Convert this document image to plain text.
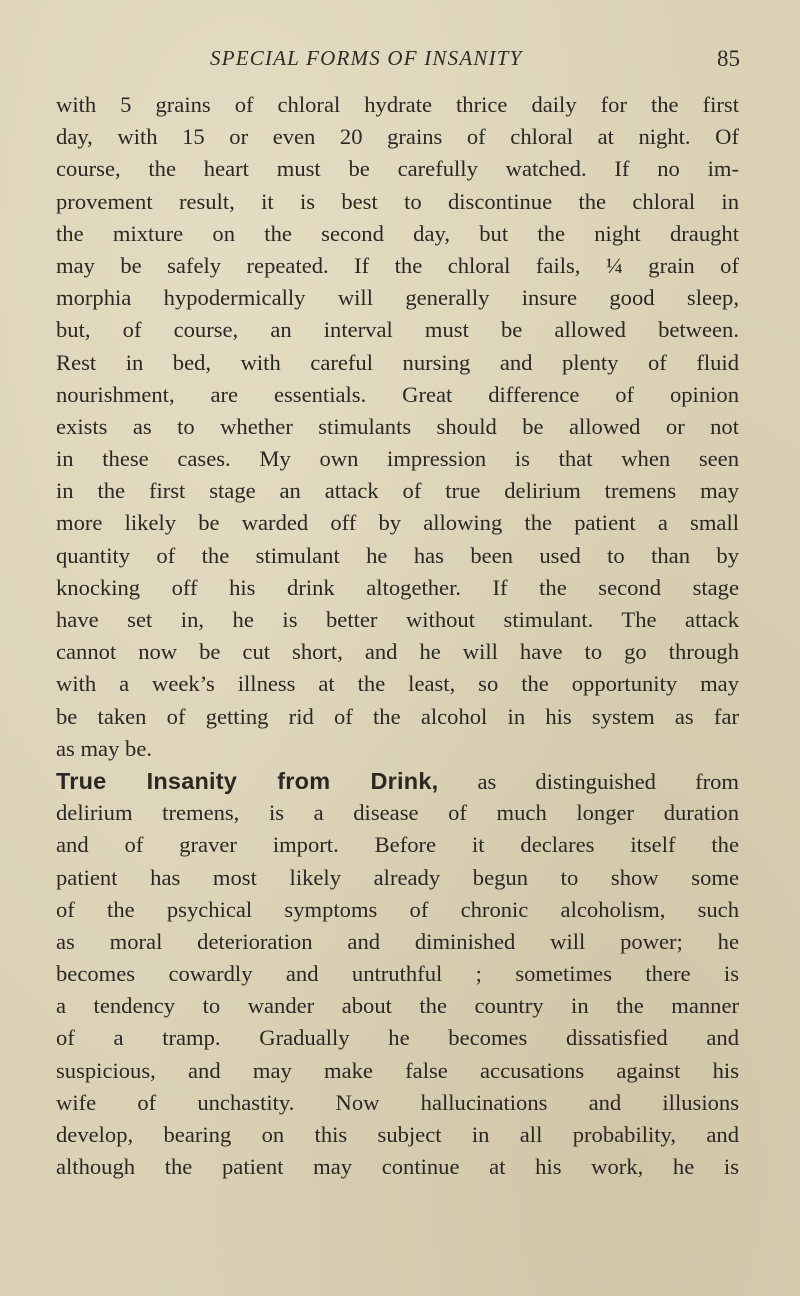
SPECIAL FORMS OF INSANITY	85
with 5 grains of chloral hydrate thrice daily for the first
day, with 15 or even 20 grains of chloral at night. Of
course, the heart must be carefully watched. If no im-
provement result, it is best to discontinue the chloral in
the mixture on the second day, but the night draught
may be safely repeated. If the chloral fails, ¼ grain of
morphia hypodermically will generally insure good sleep,
but, of course, an interval must be allowed between.
Rest in bed, with careful nursing and plenty of fluid
nourishment, are essentials. Great difference of opinion
exists as to whether stimulants should be allowed or not
in these cases. My own impression is that when seen
in the first stage an attack of true delirium tremens may
more likely be warded off by allowing the patient a small
quantity of the stimulant he has been used to than by
knocking off his drink altogether. If the second stage
have set in, he is better without stimulant. The attack
cannot now be cut short, and he will have to go through
with a week’s illness at the least, so the opportunity may
be taken of getting rid of the alcohol in his system as far
as may be.
True Insanity from Drink, as distinguished from
delirium tremens, is a disease of much longer duration
and of graver import. Before it declares itself the
patient has most likely already begun to show some
of the psychical symptoms of chronic alcoholism, such
as moral deterioration and diminished will power; he
becomes cowardly and untruthful ; sometimes there is
a tendency to wander about the country in the manner
of a tramp. Gradually he becomes dissatisfied and
suspicious, and may make false accusations against his
wife of unchastity. Now hallucinations and illusions
develop, bearing on this subject in all probability, and
although the patient may continue at his work, he is
